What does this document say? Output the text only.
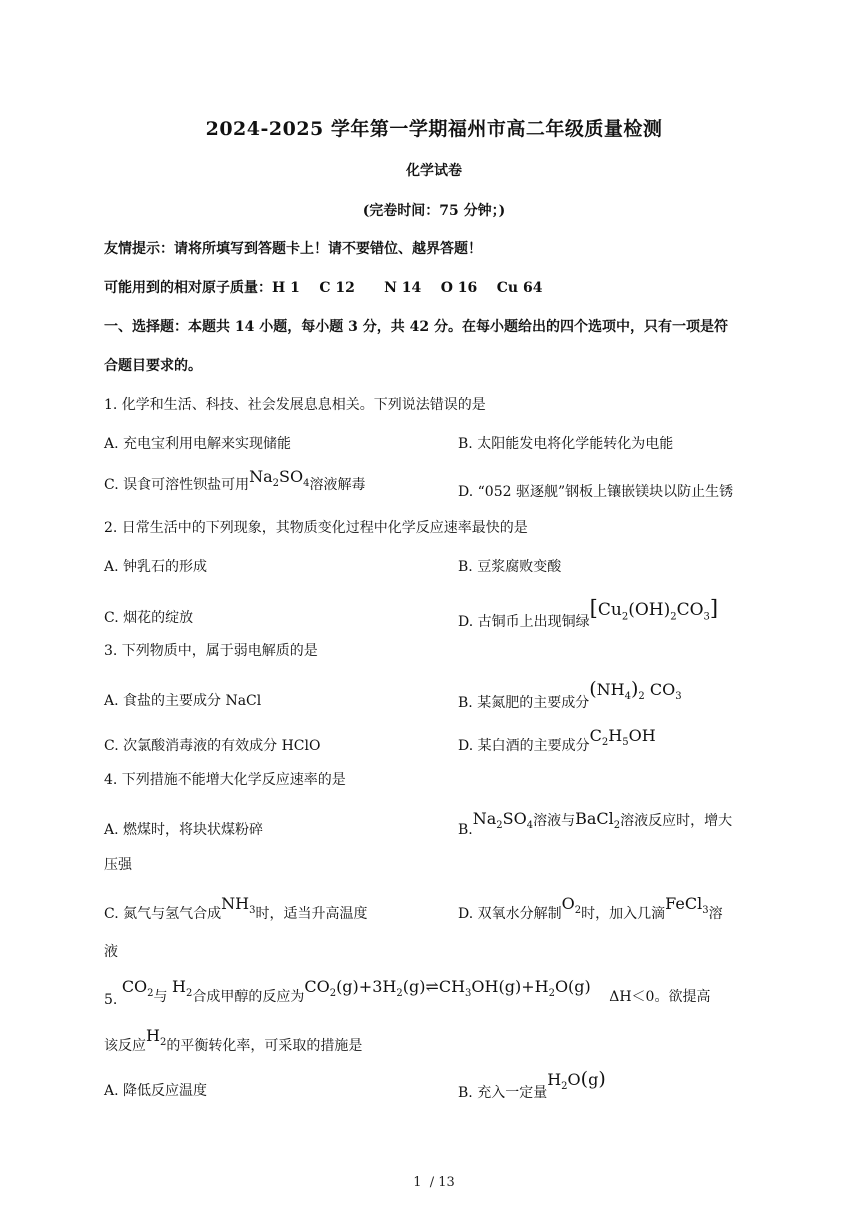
2024-2025 学年第一学期福州市高二年级质量检测
化学试卷
(完卷时间：75 分钟；)
友情提示：请将所填写到答题卡上！请不要错位、越界答题！
可能用到的相对原子质量：H 1    C 12      N 14    O 16    Cu 64
一、选择题：本题共 14 小题，每小题 3 分，共 42 分。在每小题给出的四个选项中，只有一项是符
合题目要求的。
1. 化学和生活、科技、社会发展息息相关。下列说法错误的是
A. 充电宝利用电解来实现储能	B. 太阳能发电将化学能转化为电能
C. 误食可溶性钡盐可用$Na_2SO_4$溶液解毒	D. “052 驱逐舰”钢板上镶嵌镁块以防止生锈
2. 日常生活中的下列现象，其物质变化过程中化学反应速率最快的是
A. 钟乳石的形成	B. 豆浆腐败变酸
C. 烟花的绽放	D. 古铜币上出现铜绿$[Cu_2(OH)_2CO_3]$
3. 下列物质中，属于弱电解质的是
A. 食盐的主要成分 NaCl	B. 某氮肥的主要成分$(NH_4)_2$ $CO_3$
C. 次氯酸消毒液的有效成分 HClO	D. 某白酒的主要成分$C_2H_5OH$
4. 下列措施不能增大化学反应速率的是
A. 燃煤时，将块状煤粉碎	$B.Na_2SO_4$溶液与BaCl$_2$溶液反应时，增大
压强
C. 氮气与氢气合成$NH_3$时，适当升高温度	D. 双氧水分解制$O_2$时，加入几滴FeCl$_3$溶
液
5. $CO_2$与 $H_2$合成甲醇的反应为$CO_2(g)+3H_2(g)\rightleftharpoons CH_3OH(g)+H_2O(g)$ ΔH＜0。欲提高
该反应$H_2$的平衡转化率，可采取的措施是
A. 降低反应温度	B. 充入一定量$H_2O(g)$
1  / 13
